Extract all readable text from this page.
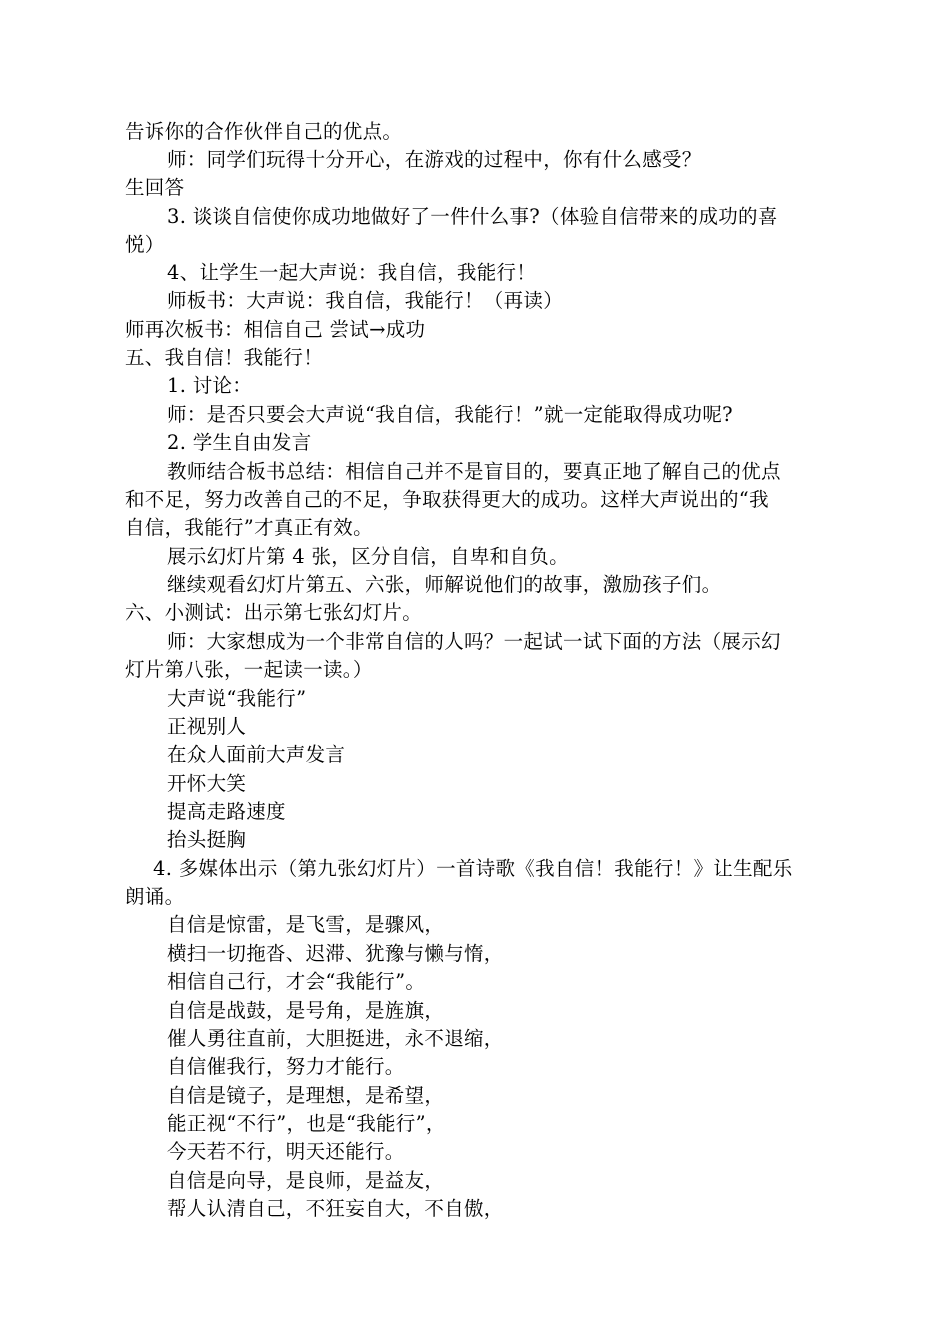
告诉你的合作伙伴自己的优点。
师：同学们玩得十分开心，在游戏的过程中，你有什么感受？
生回答
3. 谈谈自信使你成功地做好了一件什么事?（体验自信带来的成功的喜
悦）
4、让学生一起大声说：我自信，我能行！
师板书：大声说：我自信，我能行！（再读）
师再次板书：相信自己 尝试→成功
五、我自信！我能行！
1. 讨论：
师：是否只要会大声说“我自信，我能行！”就一定能取得成功呢?
2. 学生自由发言
教师结合板书总结：相信自己并不是盲目的，要真正地了解自己的优点
和不足，努力改善自己的不足，争取获得更大的成功。这样大声说出的“我
自信，我能行”才真正有效。
展示幻灯片第 4 张，区分自信，自卑和自负。
继续观看幻灯片第五、六张，师解说他们的故事，激励孩子们。
六、小测试：出示第七张幻灯片。
师：大家想成为一个非常自信的人吗？一起试一试下面的方法（展示幻
灯片第八张，一起读一读。）
大声说“我能行”
正视别人
在众人面前大声发言
开怀大笑
提高走路速度
抬头挺胸
4. 多媒体出示（第九张幻灯片）一首诗歌《我自信！我能行！》让生配乐
朗诵。
自信是惊雷，是飞雪，是骤风，
横扫一切拖沓、迟滞、犹豫与懒与惰，
相信自己行，才会“我能行”。
自信是战鼓，是号角，是旌旗，
催人勇往直前，大胆挺进，永不退缩，
自信催我行，努力才能行。
自信是镜子，是理想，是希望，
能正视“不行”，也是“我能行”，
今天若不行，明天还能行。
自信是向导，是良师，是益友，
帮人认清自己，不狂妄自大，不自傲，
